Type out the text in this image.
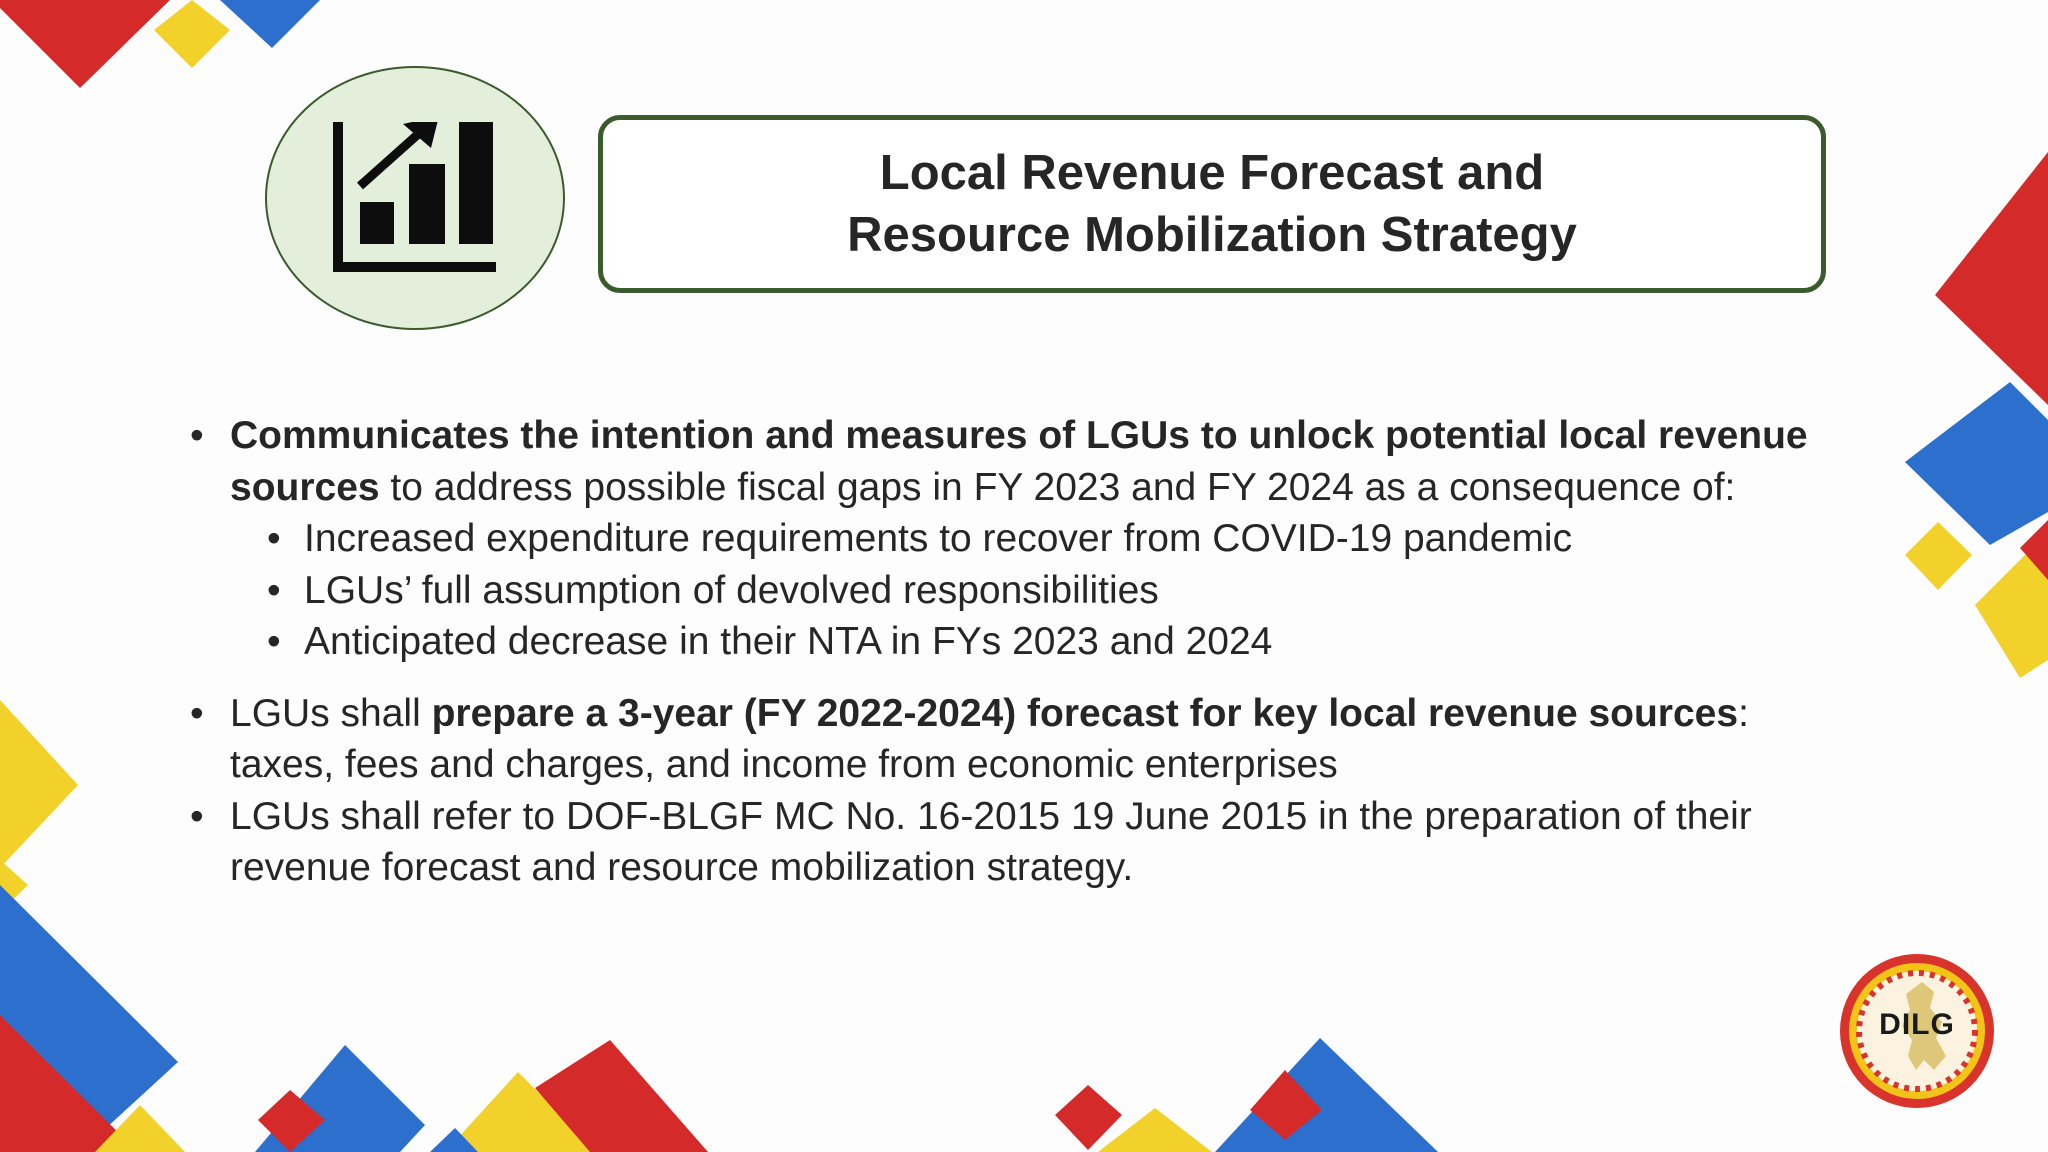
Local Revenue Forecast and Resource Mobilization Strategy
• Communicates the intention and measures of LGUs to unlock potential local revenue sources to address possible fiscal gaps in FY 2023 and FY 2024 as a consequence of:
• Increased expenditure requirements to recover from COVID-19 pandemic
• LGUs’ full assumption of devolved responsibilities
• Anticipated decrease in their NTA in FYs 2023 and 2024
• LGUs shall prepare a 3-year (FY 2022-2024) forecast for key local revenue sources: taxes, fees and charges, and income from economic enterprises
• LGUs shall refer to DOF-BLGF MC No. 16-2015 19 June 2015 in the preparation of their revenue forecast and resource mobilization strategy.
DILG
